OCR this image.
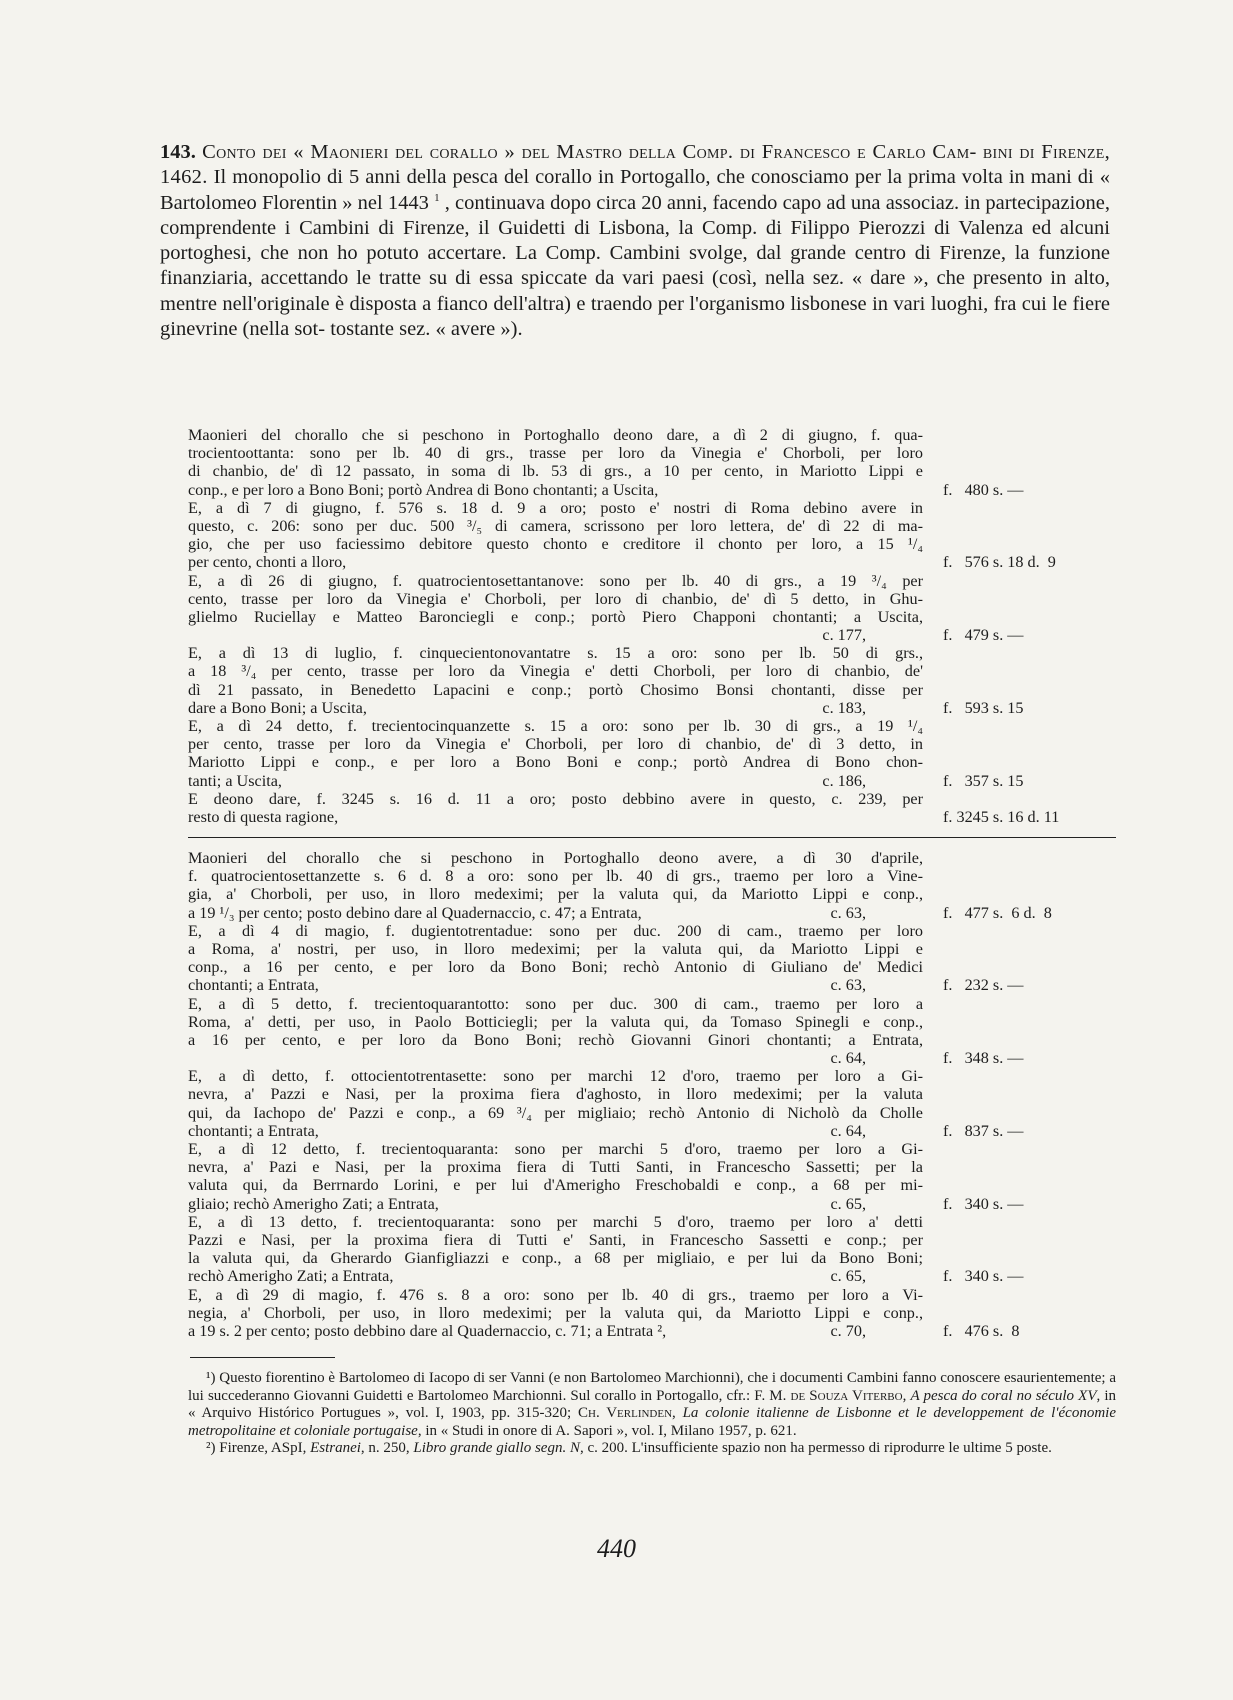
143. Conto dei « Maonieri del corallo » del Mastro della Comp. di Francesco e Carlo Cam- bini di Firenze, 1462. Il monopolio di 5 anni della pesca del corallo in Portogallo, che conosciamo per la prima volta in mani di « Bartolomeo Florentin » nel 1443 $^1$ , continuava dopo circa 20 anni, facendo capo ad una associaz. in partecipazione, comprendente i Cambini di Firenze, il Guidetti di Lisbona, la Comp. di Filippo Pierozzi di Valenza ed alcuni portoghesi, che non ho potuto accertare. La Comp. Cambini svolge, dal grande centro di Firenze, la funzione finanziaria, accettando le tratte su di essa spiccate da vari paesi (così, nella sez. « dare », che presento in alto, mentre nell'originale è disposta a fianco dell'altra) e traendo per l'organismo lisbonese in vari luoghi, fra cui le fiere ginevrine (nella sot- tostante sez. « avere »).
Maonieri del chorallo che si peschono in Portoghallo deono dare, a dì 2 di giugno, f. qua-
trocientoottanta: sono per lb. 40 di grs., trasse per loro da Vinegia e' Chorboli, per loro
di chanbio, de' dì 12 passato, in soma di lb. 53 di grs., a 10 per cento, in Mariotto Lippi e
conp., e per loro a Bono Boni; portò Andrea di Bono chontanti; a Uscita,	f.   480 s. —
E, a dì 7 di giugno, f. 576 s. 18 d. 9 a oro; posto e' nostri di Roma debino avere in
questo, c. 206: sono per duc. 500 ³/₅ di camera, scrissono per loro lettera, de' dì 22 di ma-
gio, che per uso faciessimo debitore questo chonto e creditore il chonto per loro, a 15 ¹/₄
per cento, chonti a lloro,	f.   576 s. 18 d.  9
E, a dì 26 di giugno, f. quatrocientosettantanove: sono per lb. 40 di grs., a 19 ³/₄ per
cento, trasse per loro da Vinegia e' Chorboli, per loro di chanbio, de' dì 5 detto, in Ghu-
glielmo Ruciellay e Matteo Baronciegli e conp.; portò Piero Chapponi chontanti; a Uscita,
c. 177,	f.   479 s. —
E, a dì 13 di luglio, f. cinquecientonovantatre s. 15 a oro: sono per lb. 50 di grs.,
a 18 ³/₄ per cento, trasse per loro da Vinegia e' detti Chorboli, per loro di chanbio, de'
dì 21 passato, in Benedetto Lapacini e conp.; portò Chosimo Bonsi chontanti, disse per
dare a Bono Boni; a Uscita,	c. 183,	f.   593 s. 15
E, a dì 24 detto, f. trecientocinquanzette s. 15 a oro: sono per lb. 30 di grs., a 19 ¹/₄
per cento, trasse per loro da Vinegia e' Chorboli, per loro di chanbio, de' dì 3 detto, in
Mariotto Lippi e conp., e per loro a Bono Boni e conp.; portò Andrea di Bono chon-
tanti; a Uscita,	c. 186,	f.   357 s. 15
E deono dare, f. 3245 s. 16 d. 11 a oro; posto debbino avere in questo, c. 239, per
resto di questa ragione,	f. 3245 s. 16 d. 11
Maonieri del chorallo che si peschono in Portoghallo deono avere, a dì 30 d'aprile,
f. quatrocientosettanzette s. 6 d. 8 a oro: sono per lb. 40 di grs., traemo per loro a Vine-
gia, a' Chorboli, per uso, in lloro medeximi; per la valuta qui, da Mariotto Lippi e conp.,
a 19 ¹/₃ per cento; posto debino dare al Quadernaccio, c. 47; a Entrata,	c. 63,	f.   477 s.  6 d.  8
E, a dì 4 di magio, f. dugientotrentadue: sono per duc. 200 di cam., traemo per loro
a Roma, a' nostri, per uso, in lloro medeximi; per la valuta qui, da Mariotto Lippi e
conp., a 16 per cento, e per loro da Bono Boni; rechò Antonio di Giuliano de' Medici
chontanti; a Entrata,	c. 63,	f.   232 s. —
E, a dì 5 detto, f. trecientoquarantotto: sono per duc. 300 di cam., traemo per loro a
Roma, a' detti, per uso, in Paolo Botticiegli; per la valuta qui, da Tomaso Spinegli e conp.,
a 16 per cento, e per loro da Bono Boni; rechò Giovanni Ginori chontanti; a Entrata,
c. 64,	f.   348 s. —
E, a dì detto, f. ottocientotrentasette: sono per marchi 12 d'oro, traemo per loro a Gi-
nevra, a' Pazzi e Nasi, per la proxima fiera d'aghosto, in lloro medeximi; per la valuta
qui, da Iachopo de' Pazzi e conp., a 69 ³/₄ per migliaio; rechò Antonio di Nicholò da Cholle
chontanti; a Entrata,	c. 64,	f.   837 s. —
E, a dì 12 detto, f. trecientoquaranta: sono per marchi 5 d'oro, traemo per loro a Gi-
nevra, a' Pazi e Nasi, per la proxima fiera di Tutti Santi, in Francescho Sassetti; per la
valuta qui, da Berrnardo Lorini, e per lui d'Amerigho Freschobaldi e conp., a 68 per mi-
gliaio; rechò Amerigho Zati; a Entrata,	c. 65,	f.   340 s. —
E, a dì 13 detto, f. trecientoquaranta: sono per marchi 5 d'oro, traemo per loro a' detti
Pazzi e Nasi, per la proxima fiera di Tutti e' Santi, in Francescho Sassetti e conp.; per
la valuta qui, da Gherardo Gianfigliazzi e conp., a 68 per migliaio, e per lui da Bono Boni;
rechò Amerigho Zati; a Entrata,	c. 65,	f.   340 s. —
E, a dì 29 di magio, f. 476 s. 8 a oro: sono per lb. 40 di grs., traemo per loro a Vi-
negia, a' Chorboli, per uso, in lloro medeximi; per la valuta qui, da Mariotto Lippi e conp.,
a 19 s. 2 per cento; posto debbino dare al Quadernaccio, c. 71; a Entrata ²,	c. 70,	f.   476 s.  8

¹) Questo fiorentino è Bartolomeo di Iacopo di ser Vanni (e non Bartolomeo Marchionni), che i documenti Cambini fanno conoscere esaurientemente; a lui succederanno Giovanni Guidetti e Bartolomeo Marchionni. Sul corallo in Portogallo, cfr.: F. M. de Souza Viterbo, A pesca do coral no século XV, in « Arquivo Histórico Portugues », vol. I, 1903, pp. 315-320; Ch. Verlinden, La colonie italienne de Lisbonne et le developpement de l'économie metropolitaine et coloniale portugaise, in « Studi in onore di A. Sapori », vol. I, Milano 1957, p. 621.

²) Firenze, ASpI, Estranei, n. 250, Libro grande giallo segn. N, c. 200. L'insufficiente spazio non ha permesso di riprodurre le ultime 5 poste.

440
